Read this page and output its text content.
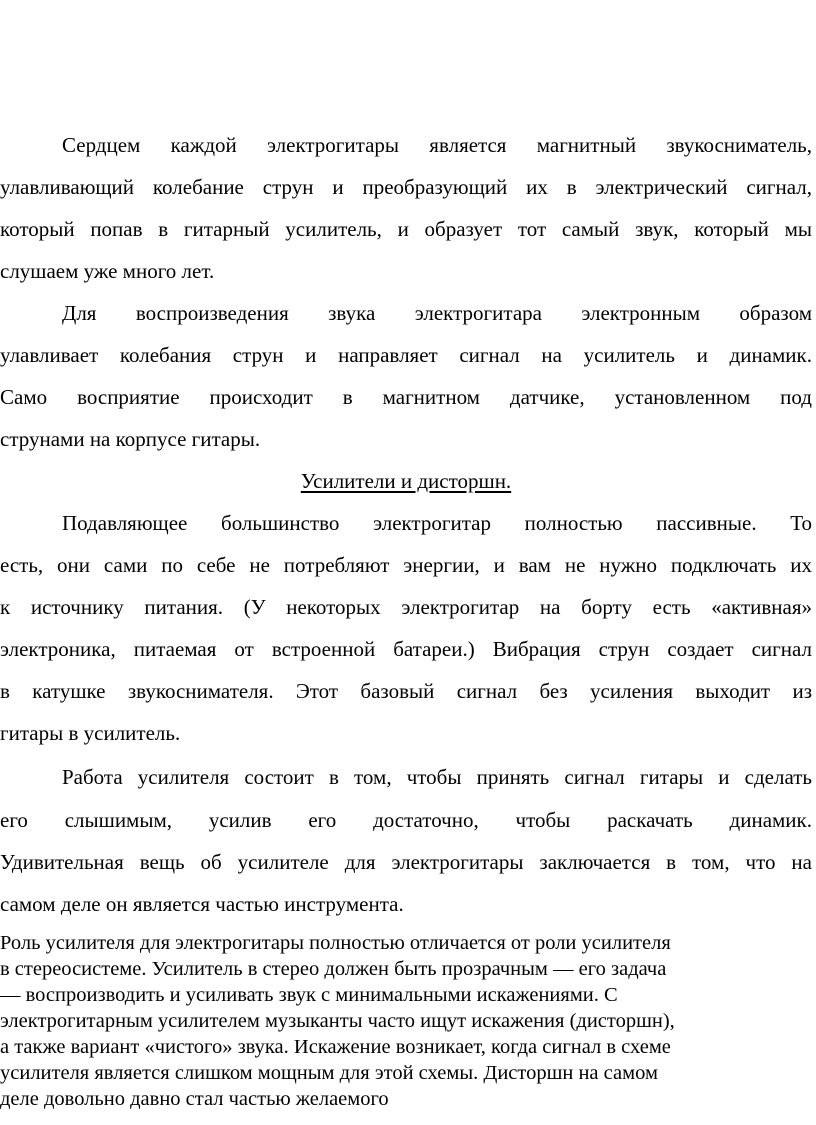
Сердцем каждой электрогитары является магнитный звукосниматель,
улавливающий колебание струн и преобразующий их в электрический сигнал,
который попав в гитарный усилитель, и образует тот самый звук, который мы
слушаем уже много лет.
Для воспроизведения звука электрогитара электронным образом
улавливает колебания струн и направляет сигнал на усилитель и динамик.
Само восприятие происходит в магнитном датчике, установленном под
струнами на корпусе гитары.
Усилители и дисторшн.
Подавляющее большинство электрогитар полностью пассивные. То
есть, они сами по себе не потребляют энергии, и вам не нужно подключать их
к источнику питания. (У некоторых электрогитар на борту есть «активная»
электроника, питаемая от встроенной батареи.) Вибрация струн создает сигнал
в катушке звукоснимателя. Этот базовый сигнал без усиления выходит из
гитары в усилитель.
Работа усилителя состоит в том, чтобы принять сигнал гитары и сделать
его слышимым, усилив его достаточно, чтобы раскачать динамик.
Удивительная вещь об усилителе для электрогитары заключается в том, что на
самом деле он является частью инструмента.
Роль усилителя для электрогитары полностью отличается от роли усилителя
в стереосистеме. Усилитель в стерео должен быть прозрачным — его задача
— воспроизводить и усиливать звук с минимальными искажениями. С
электрогитарным усилителем музыканты часто ищут искажения (дисторшн),
а также вариант «чистого» звука. Искажение возникает, когда сигнал в схеме
усилителя является слишком мощным для этой схемы. Дисторшн на самом
деле довольно давно стал частью желаемого
